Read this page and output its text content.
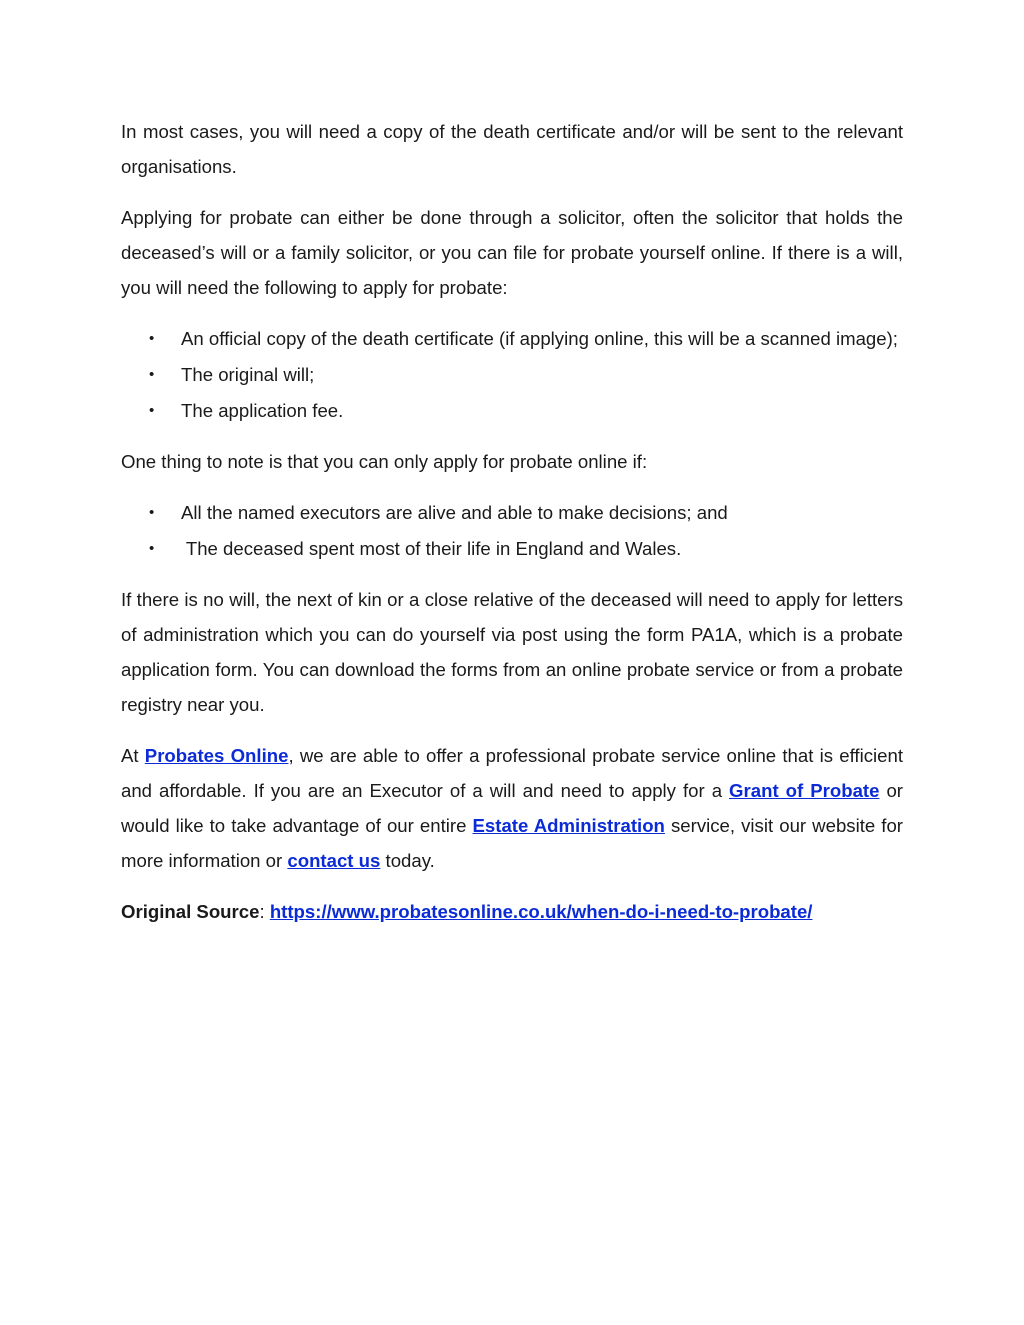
In most cases, you will need a copy of the death certificate and/or will be sent to the relevant organisations.

Applying for probate can either be done through a solicitor, often the solicitor that holds the deceased’s will or a family solicitor, or you can file for probate yourself online. If there is a will, you will need the following to apply for probate:

• An official copy of the death certificate (if applying online, this will be a scanned image);
• The original will;
• The application fee.

One thing to note is that you can only apply for probate online if:

• All the named executors are alive and able to make decisions; and
• The deceased spent most of their life in England and Wales.

If there is no will, the next of kin or a close relative of the deceased will need to apply for letters of administration which you can do yourself via post using the form PA1A, which is a probate application form. You can download the forms from an online probate service or from a probate registry near you.

At Probates Online, we are able to offer a professional probate service online that is efficient and affordable. If you are an Executor of a will and need to apply for a Grant of Probate or would like to take advantage of our entire Estate Administration service, visit our website for more information or contact us today.

Original Source: https://www.probatesonline.co.uk/when-do-i-need-to-probate/
